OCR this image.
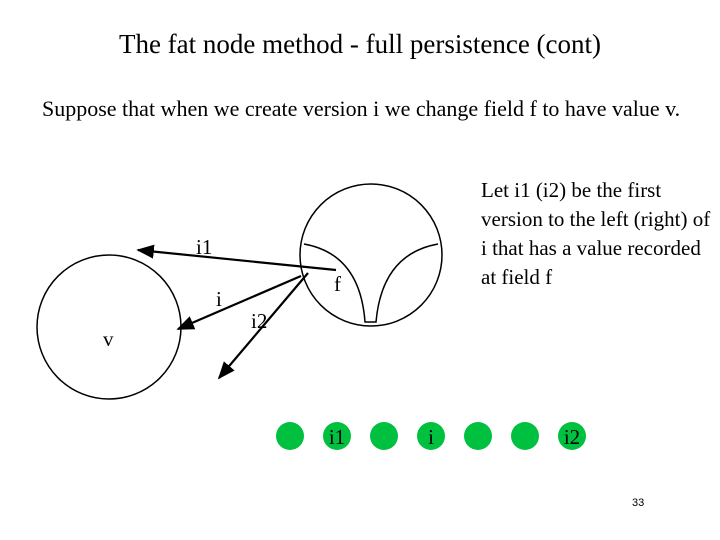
The fat node method - full persistence (cont)
Suppose that when we create version i we change field f to have value v.
Let i1 (i2) be the first version to the left (right) of i that has a value recorded at field f
i1	i	i2
i1
i
i2
f
v
33
